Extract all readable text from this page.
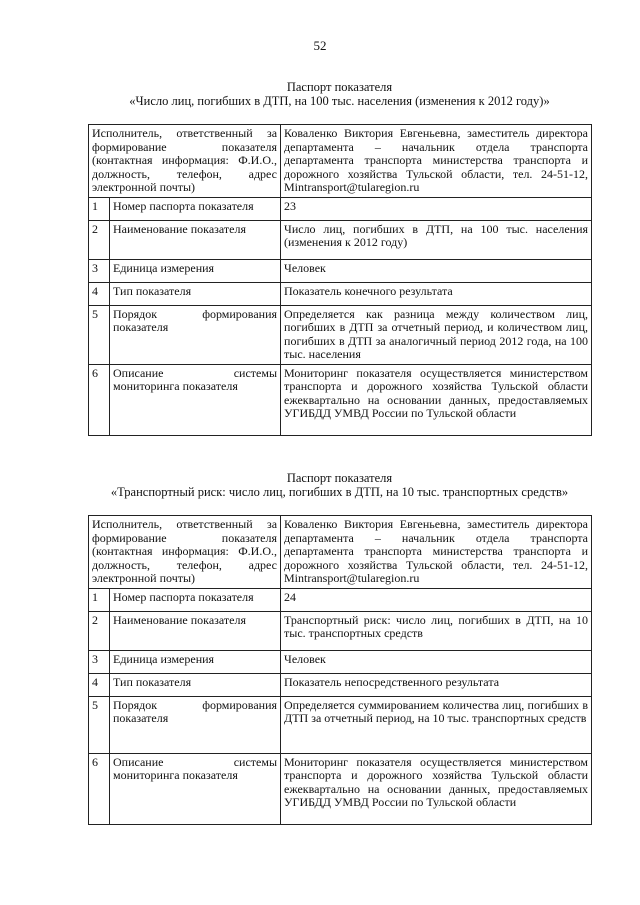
52

Паспорт показателя

«Число лиц, погибших в ДТП, на 100 тыс. населения (изменения к 2012 году)»

Исполнитель, ответственный за формирование показателя (контактная информация: Ф.И.О., должность, телефон, адрес электронной почты)		Коваленко Виктория Евгеньевна, заместитель директора департамента – начальник отдела транспорта департамента транспорта министерства транспорта и дорожного хозяйства Тульской области, тел. 24-51-12, Mintransport@tularegion.ru
1	Номер паспорта показателя	23
2	Наименование показателя	Число лиц, погибших в ДТП, на 100 тыс. населения (изменения к 2012 году)
3	Единица измерения	Человек
4	Тип показателя	Показатель конечного результата
5	Порядок формирования показателя	Определяется как разница между количеством лиц, погибших в ДТП за отчетный период, и количеством лиц, погибших в ДТП за аналогичный период 2012 года, на 100 тыс. населения
6	Описание системы мониторинга показателя	Мониторинг показателя осуществляется министерством транспорта и дорожного хозяйства Тульской области ежеквартально на основании данных, предоставляемых УГИБДД УМВД России по Тульской области

Паспорт показателя

«Транспортный риск: число лиц, погибших в ДТП, на 10 тыс. транспортных средств»

Исполнитель, ответственный за формирование показателя (контактная информация: Ф.И.О., должность, телефон, адрес электронной почты)		Коваленко Виктория Евгеньевна, заместитель директора департамента – начальник отдела транспорта департамента транспорта министерства транспорта и дорожного хозяйства Тульской области, тел. 24-51-12, Mintransport@tularegion.ru
1	Номер паспорта показателя	24
2	Наименование показателя	Транспортный риск: число лиц, погибших в ДТП, на 10 тыс. транспортных средств
3	Единица измерения	Человек
4	Тип показателя	Показатель непосредственного результата
5	Порядок формирования показателя	Определяется суммированием количества лиц, погибших в ДТП за отчетный период, на 10 тыс. транспортных средств
6	Описание системы мониторинга показателя	Мониторинг показателя осуществляется министерством транспорта и дорожного хозяйства Тульской области ежеквартально на основании данных, предоставляемых УГИБДД УМВД России по Тульской области
